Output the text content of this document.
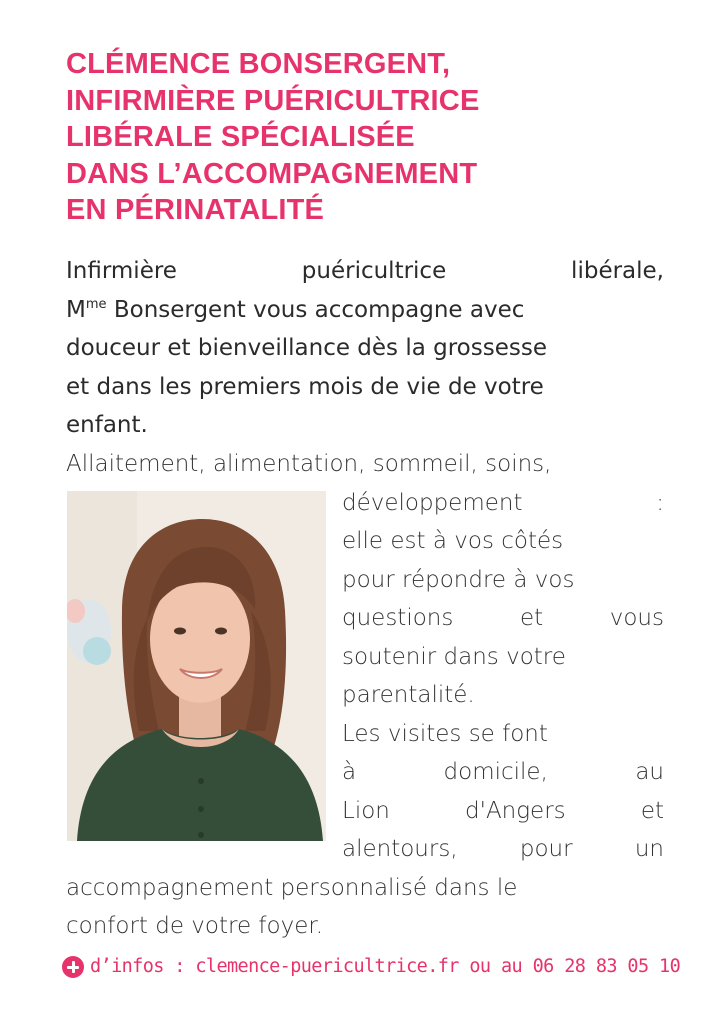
CLÉMENCE BONSERGENT,
INFIRMIÈRE PUÉRICULTRICE
LIBÉRALE SPÉCIALISÉE
DANS L’ACCOMPAGNEMENT
EN PÉRINATALITÉ

Infirmière puéricultrice libérale,
$M^{me}$ Bonsergent vous accompagne avec
douceur et bienveillance dès la grossesse
et dans les premiers mois de vie de votre
enfant.

Allaitement, alimentation, sommeil, soins,
développement :
elle est à vos côtés
pour répondre à vos
questions et vous
soutenir dans votre
parentalité.
Les visites se font
à domicile, au
Lion d'Angers et
alentours, pour un
accompagnement personnalisé dans le
confort de votre foyer.

d’infos : clemence-puericultrice.fr ou au 06 28 83 05 10
